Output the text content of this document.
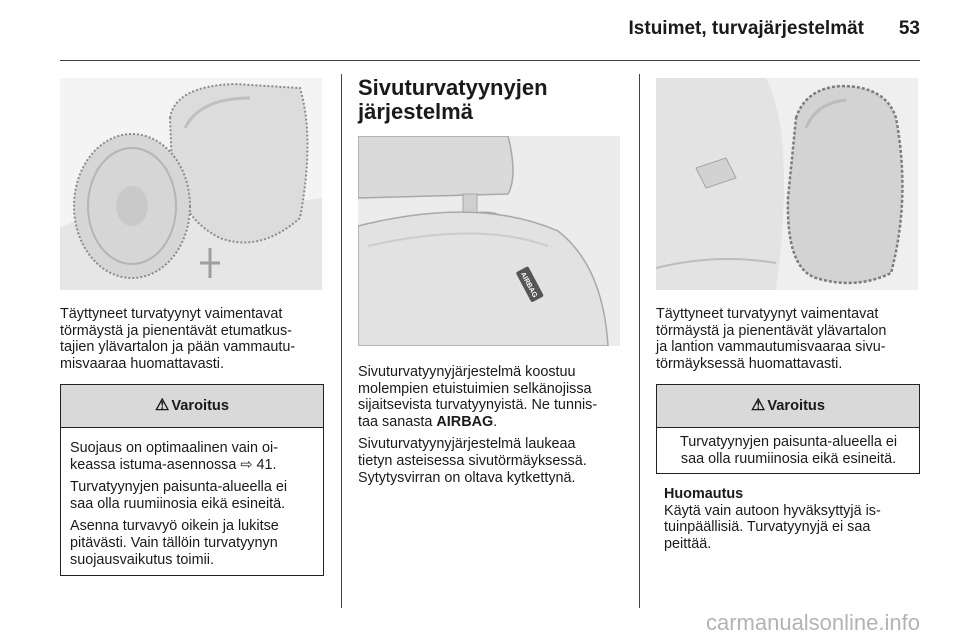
Istuimet, turvajärjestelmät 53
Täyttyneet turvatyynyt vaimentavat
törmäystä ja pienentävät etumatkus-
tajien ylävartalon ja pään vammautu-
misvaaraa huomattavasti.
⚠ Varoitus

Suojaus on optimaalinen vain oi-
keassa istuma-asennossa ⇨ 41.

Turvatyynyjen paisunta-alueella ei
saa olla ruumiinosia eikä esineitä.

Asenna turvavyö oikein ja lukitse
pitävästi. Vain tällöin turvatyynyn
suojausvaikutus toimii.

Sivuturvatyynyjen
järjestelmä
AIRBAG

Sivuturvatyynyjärjestelmä koostuu
molempien etuistuimien selkänojissa
sijaitsevista turvatyynyistä. Ne tunnis-
taa sanasta AIRBAG.

Sivuturvatyynyjärjestelmä laukeaa
tietyn asteisessa sivutörmäyksessä.
Sytytysvirran on oltava kytkettynä.

Täyttyneet turvatyynyt vaimentavat
törmäystä ja pienentävät ylävartalon
ja lantion vammautumisvaaraa sivu-
törmäyksessä huomattavasti.
⚠ Varoitus
Turvatyynyjen paisunta-alueella ei
saa olla ruumiinosia eikä esineitä.
Huomautus
Käytä vain autoon hyväksyttyjä is-
tuinpäällisiä. Turvatyynyjä ei saa
peittää.
carmanualsonline.info
